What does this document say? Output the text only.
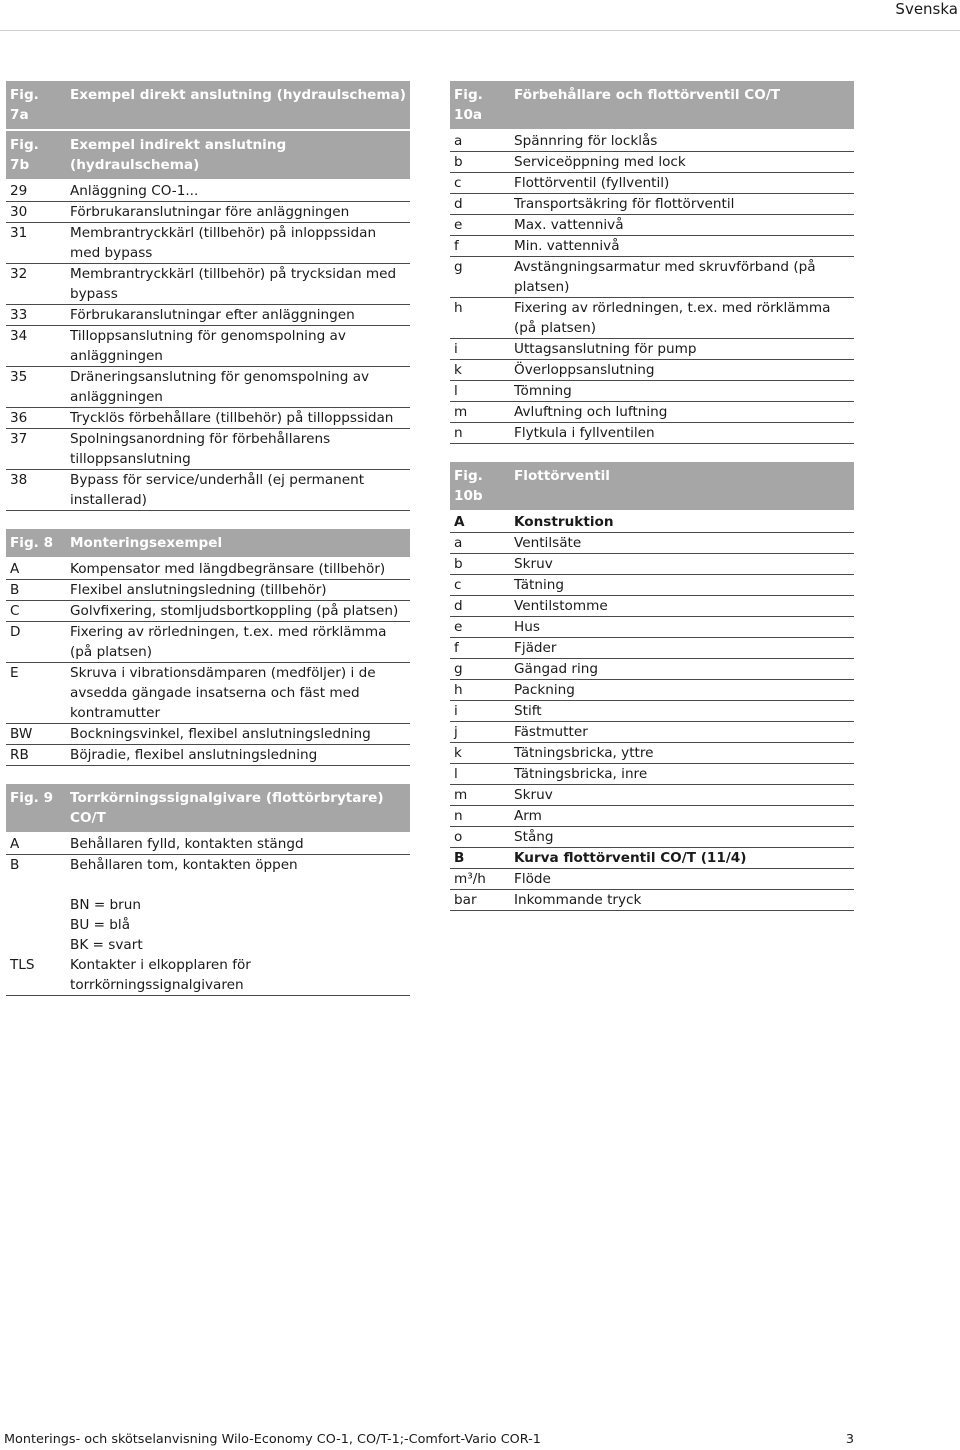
Svenska
Fig. 7a	Exempel direkt anslutning (hydraulschema)
Fig. 7b	Exempel indirekt anslutning (hydraulschema)
29	Anläggning CO-1...
30	Förbrukaranslutningar före anläggningen
31	Membrantryckkärl (tillbehör) på inloppssidan med bypass
32	Membrantryckkärl (tillbehör) på trycksidan med bypass
33	Förbrukaranslutningar efter anläggningen
34	Tilloppsanslutning för genomspolning av anläggningen
35	Dräneringsanslutning för genomspolning av anläggningen
36	Trycklös förbehållare (tillbehör) på tilloppssidan
37	Spolningsanordning för förbehållarens tilloppsanslutning
38	Bypass för service/underhåll (ej permanent installerad)
Fig. 8	Monteringsexempel
A	Kompensator med längdbegränsare (tillbehör)
B	Flexibel anslutningsledning (tillbehör)
C	Golvfixering, stomljudsbortkoppling (på platsen)
D	Fixering av rörledningen, t.ex. med rörklämma (på platsen)
E	Skruva i vibrationsdämparen (medföljer) i de avsedda gängade insatserna och fäst med kontramutter
BW	Bockningsvinkel, flexibel anslutningsledning
RB	Böjradie, flexibel anslutningsledning
Fig. 9	Torrkörningssignalgivare (flottörbrytare) CO/T
A	Behållaren fylld, kontakten stängd
B	Behållaren tom, kontakten öppen

	BN = brun
	BU = blå
	BK = svart
TLS	Kontakter i elkopplaren för torrkörningssignalgivaren
Fig. 10a	Förbehållare och flottörventil CO/T
a	Spännring för locklås
b	Serviceöppning med lock
c	Flottörventil (fyllventil)
d	Transportsäkring för flottörventil
e	Max. vattennivå
f	Min. vattennivå
g	Avstängningsarmatur med skruvförband (på platsen)
h	Fixering av rörledningen, t.ex. med rörklämma (på platsen)
i	Uttagsanslutning för pump
k	Överloppsanslutning
l	Tömning
m	Avluftning och luftning
n	Flytkula i fyllventilen
Fig. 10b	Flottörventil
A	Konstruktion
a	Ventilsäte
b	Skruv
c	Tätning
d	Ventilstomme
e	Hus
f	Fjäder
g	Gängad ring
h	Packning
i	Stift
j	Fästmutter
k	Tätningsbricka, yttre
l	Tätningsbricka, inre
m	Skruv
n	Arm
o	Stång
B	Kurva flottörventil CO/T (11/4)
m³/h	Flöde
bar	Inkommande tryck
Monterings- och skötselanvisning Wilo-Economy CO-1, CO/T-1;-Comfort-Vario COR-1	3
